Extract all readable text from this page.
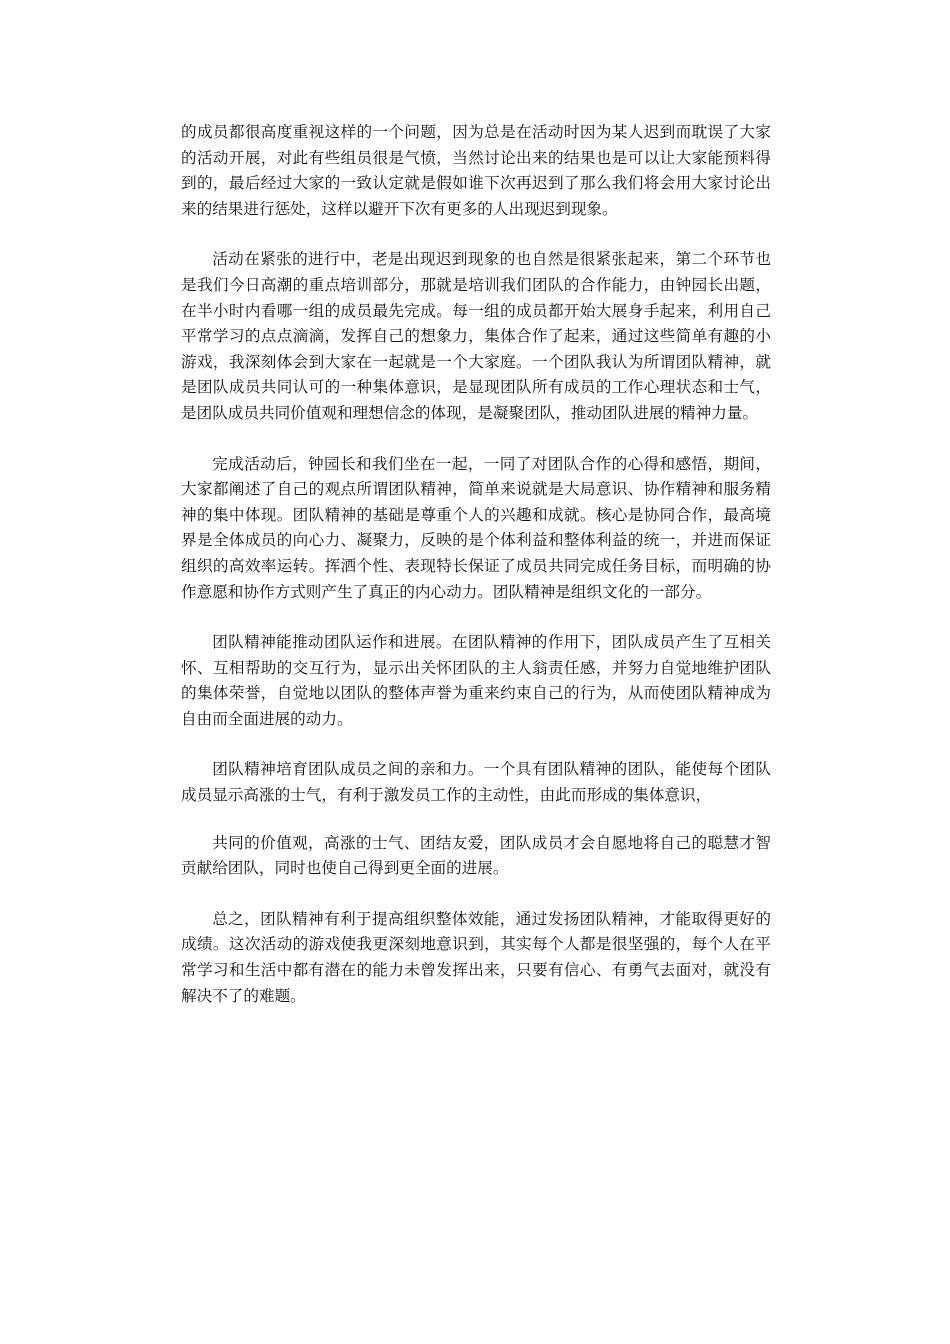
的成员都很高度重视这样的一个问题，因为总是在活动时因为某人迟到而耽误了大家的活动开展，对此有些组员很是气愤，当然讨论出来的结果也是可以让大家能预料得到的，最后经过大家的一致认定就是假如谁下次再迟到了那么我们将会用大家讨论出来的结果进行惩处，这样以避开下次有更多的人出现迟到现象。

活动在紧张的进行中，老是出现迟到现象的也自然是很紧张起来，第二个环节也是我们今日高潮的重点培训部分，那就是培训我们团队的合作能力，由钟园长出题，在半小时内看哪一组的成员最先完成。每一组的成员都开始大展身手起来，利用自己平常学习的点点滴滴，发挥自己的想象力，集体合作了起来，通过这些简单有趣的小游戏，我深刻体会到大家在一起就是一个大家庭。一个团队我认为所谓团队精神，就是团队成员共同认可的一种集体意识，是显现团队所有成员的工作心理状态和士气，是团队成员共同价值观和理想信念的体现，是凝聚团队，推动团队进展的精神力量。

完成活动后，钟园长和我们坐在一起，一同了对团队合作的心得和感悟，期间，大家都阐述了自己的观点所谓团队精神，简单来说就是大局意识、协作精神和服务精神的集中体现。团队精神的基础是尊重个人的兴趣和成就。核心是协同合作，最高境界是全体成员的向心力、凝聚力，反映的是个体利益和整体利益的统一，并进而保证组织的高效率运转。挥洒个性、表现特长保证了成员共同完成任务目标，而明确的协作意愿和协作方式则产生了真正的内心动力。团队精神是组织文化的一部分。

团队精神能推动团队运作和进展。在团队精神的作用下，团队成员产生了互相关怀、互相帮助的交互行为，显示出关怀团队的主人翁责任感，并努力自觉地维护团队的集体荣誉，自觉地以团队的整体声誉为重来约束自己的行为，从而使团队精神成为自由而全面进展的动力。

团队精神培育团队成员之间的亲和力。一个具有团队精神的团队，能使每个团队成员显示高涨的士气，有利于激发员工作的主动性，由此而形成的集体意识，

共同的价值观，高涨的士气、团结友爱，团队成员才会自愿地将自己的聪慧才智贡献给团队，同时也使自己得到更全面的进展。

总之，团队精神有利于提高组织整体效能，通过发扬团队精神，才能取得更好的成绩。这次活动的游戏使我更深刻地意识到，其实每个人都是很坚强的，每个人在平常学习和生活中都有潜在的能力未曾发挥出来，只要有信心、有勇气去面对，就没有解决不了的难题。
